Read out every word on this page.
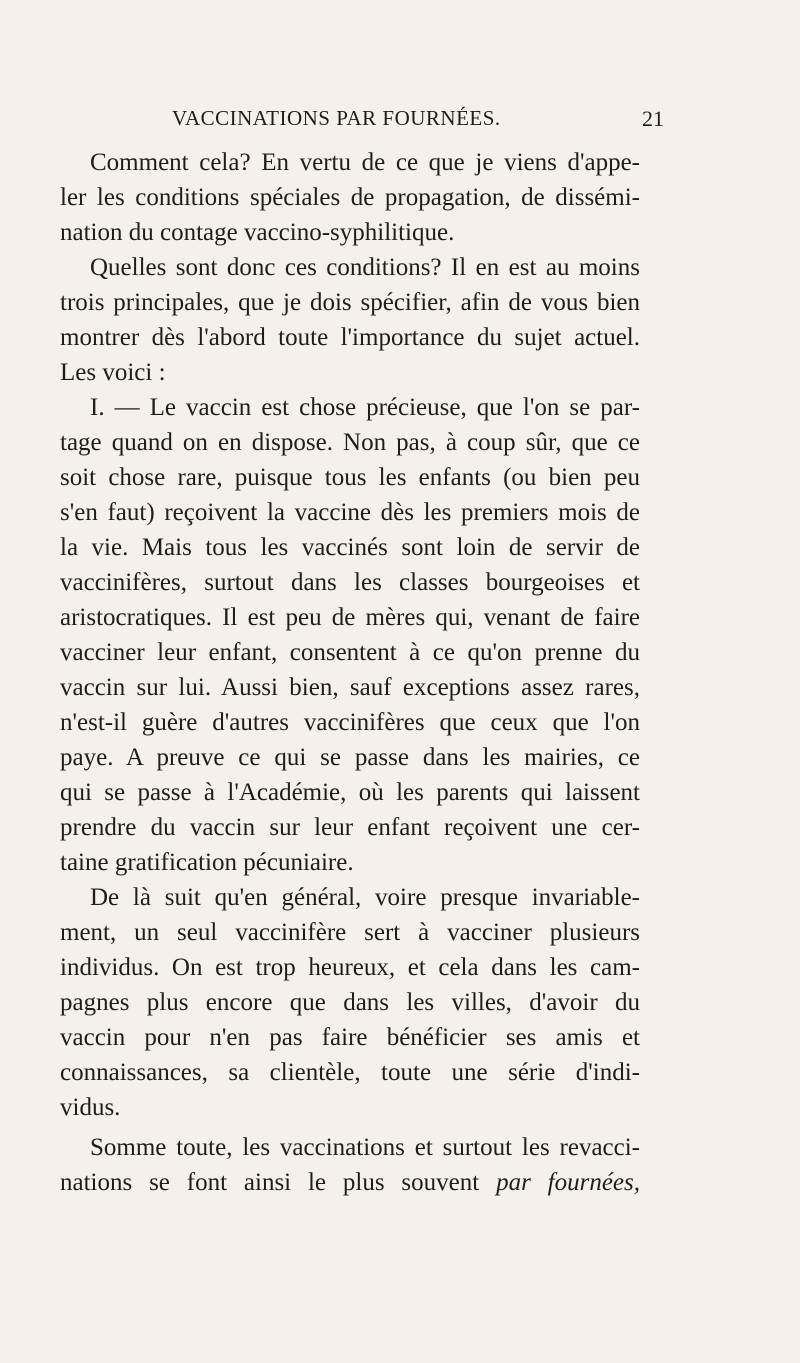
VACCINATIONS PAR FOURNÉES.	21
Comment cela? En vertu de ce que je viens d'appe-
ler les conditions spéciales de propagation, de dissémi-
nation du contage vaccino-syphilitique.
Quelles sont donc ces conditions? Il en est au moins
trois principales, que je dois spécifier, afin de vous bien
montrer dès l'abord toute l'importance du sujet actuel.
Les voici :
I. — Le vaccin est chose précieuse, que l'on se par-
tage quand on en dispose. Non pas, à coup sûr, que ce
soit chose rare, puisque tous les enfants (ou bien peu
s'en faut) reçoivent la vaccine dès les premiers mois de
la vie. Mais tous les vaccinés sont loin de servir de
vaccinifères, surtout dans les classes bourgeoises et
aristocratiques. Il est peu de mères qui, venant de faire
vacciner leur enfant, consentent à ce qu'on prenne du
vaccin sur lui. Aussi bien, sauf exceptions assez rares,
n'est-il guère d'autres vaccinifères que ceux que l'on
paye. A preuve ce qui se passe dans les mairies, ce
qui se passe à l'Académie, où les parents qui laissent
prendre du vaccin sur leur enfant reçoivent une cer-
taine gratification pécuniaire.
De là suit qu'en général, voire presque invariable-
ment, un seul vaccinifère sert à vacciner plusieurs
individus. On est trop heureux, et cela dans les cam-
pagnes plus encore que dans les villes, d'avoir du
vaccin pour n'en pas faire bénéficier ses amis et
connaissances, sa clientèle, toute une série d'indi-
vidus.
Somme toute, les vaccinations et surtout les revacci-
nations se font ainsi le plus souvent par fournées,
